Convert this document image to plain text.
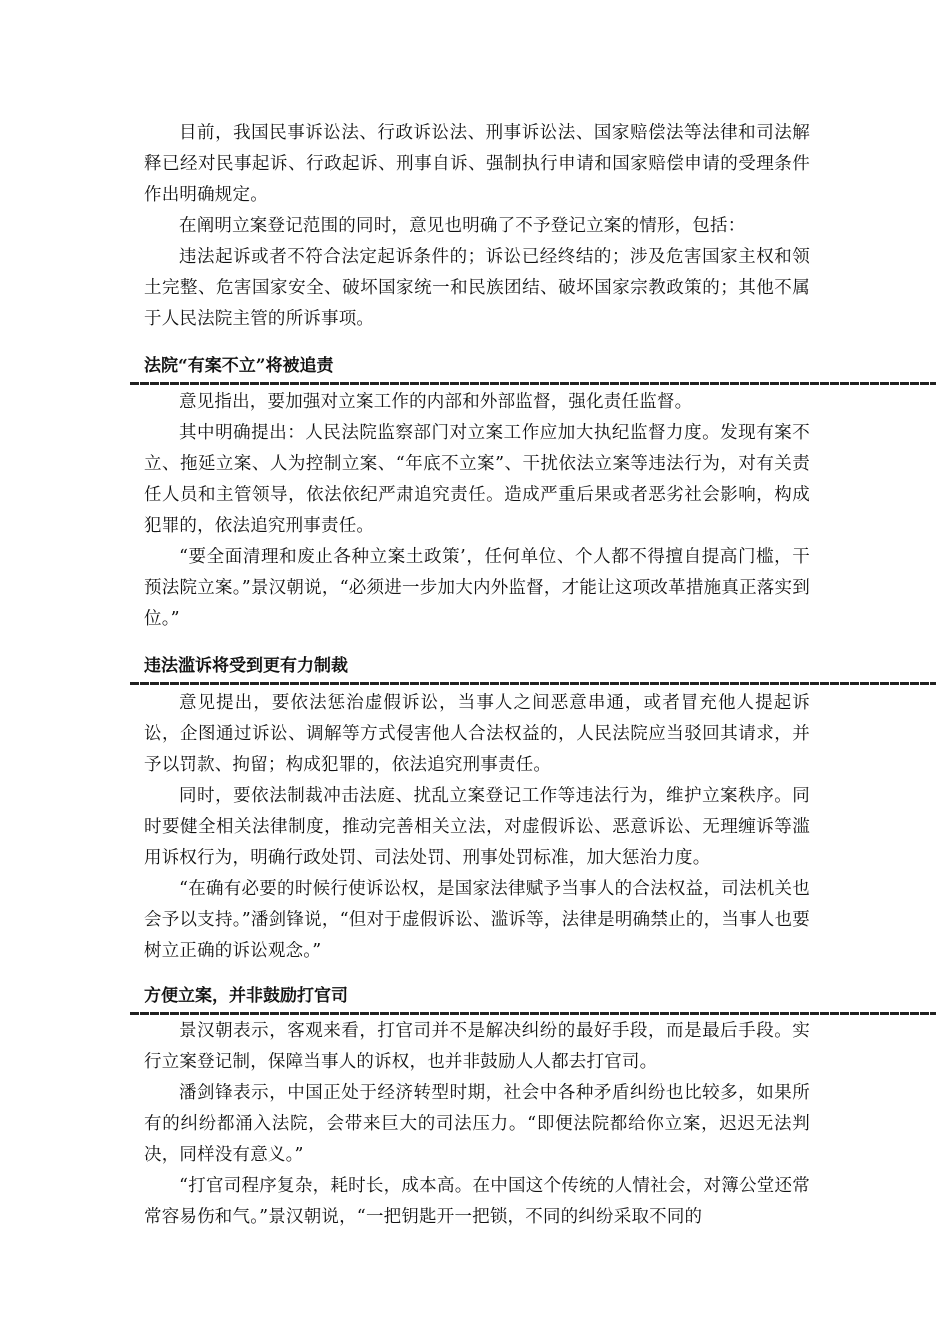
目前，我国民事诉讼法、行政诉讼法、刑事诉讼法、国家赔偿法等法律和司法解释已经对民事起诉、行政起诉、刑事自诉、强制执行申请和国家赔偿申请的受理条件作出明确规定。

在阐明立案登记范围的同时，意见也明确了不予登记立案的情形，包括：

违法起诉或者不符合法定起诉条件的；诉讼已经终结的；涉及危害国家主权和领土完整、危害国家安全、破坏国家统一和民族团结、破坏国家宗教政策的；其他不属于人民法院主管的所诉事项。

法院“有案不立”将被追责

意见指出，要加强对立案工作的内部和外部监督，强化责任监督。

其中明确提出：人民法院监察部门对立案工作应加大执纪监督力度。发现有案不立、拖延立案、人为控制立案、“年底不立案”、干扰依法立案等违法行为，对有关责任人员和主管领导，依法依纪严肃追究责任。造成严重后果或者恶劣社会影响，构成犯罪的，依法追究刑事责任。

“要全面清理和废止各种立案土政策’，任何单位、个人都不得擅自提高门槛，干预法院立案。”景汉朝说，“必须进一步加大内外监督，才能让这项改革措施真正落实到位。”

违法滥诉将受到更有力制裁

意见提出，要依法惩治虚假诉讼，当事人之间恶意串通，或者冒充他人提起诉讼，企图通过诉讼、调解等方式侵害他人合法权益的，人民法院应当驳回其请求，并予以罚款、拘留；构成犯罪的，依法追究刑事责任。

同时，要依法制裁冲击法庭、扰乱立案登记工作等违法行为，维护立案秩序。同时要健全相关法律制度，推动完善相关立法，对虚假诉讼、恶意诉讼、无理缠诉等滥用诉权行为，明确行政处罚、司法处罚、刑事处罚标准，加大惩治力度。

“在确有必要的时候行使诉讼权，是国家法律赋予当事人的合法权益，司法机关也会予以支持。”潘剑锋说，“但对于虚假诉讼、滥诉等，法律是明确禁止的，当事人也要树立正确的诉讼观念。”

方便立案，并非鼓励打官司

景汉朝表示，客观来看，打官司并不是解决纠纷的最好手段，而是最后手段。实行立案登记制，保障当事人的诉权，也并非鼓励人人都去打官司。

潘剑锋表示，中国正处于经济转型时期，社会中各种矛盾纠纷也比较多，如果所有的纠纷都涌入法院，会带来巨大的司法压力。“即便法院都给你立案，迟迟无法判决，同样没有意义。”

“打官司程序复杂，耗时长，成本高。在中国这个传统的人情社会，对簿公堂还常常容易伤和气。”景汉朝说，“一把钥匙开一把锁，不同的纠纷采取不同的
